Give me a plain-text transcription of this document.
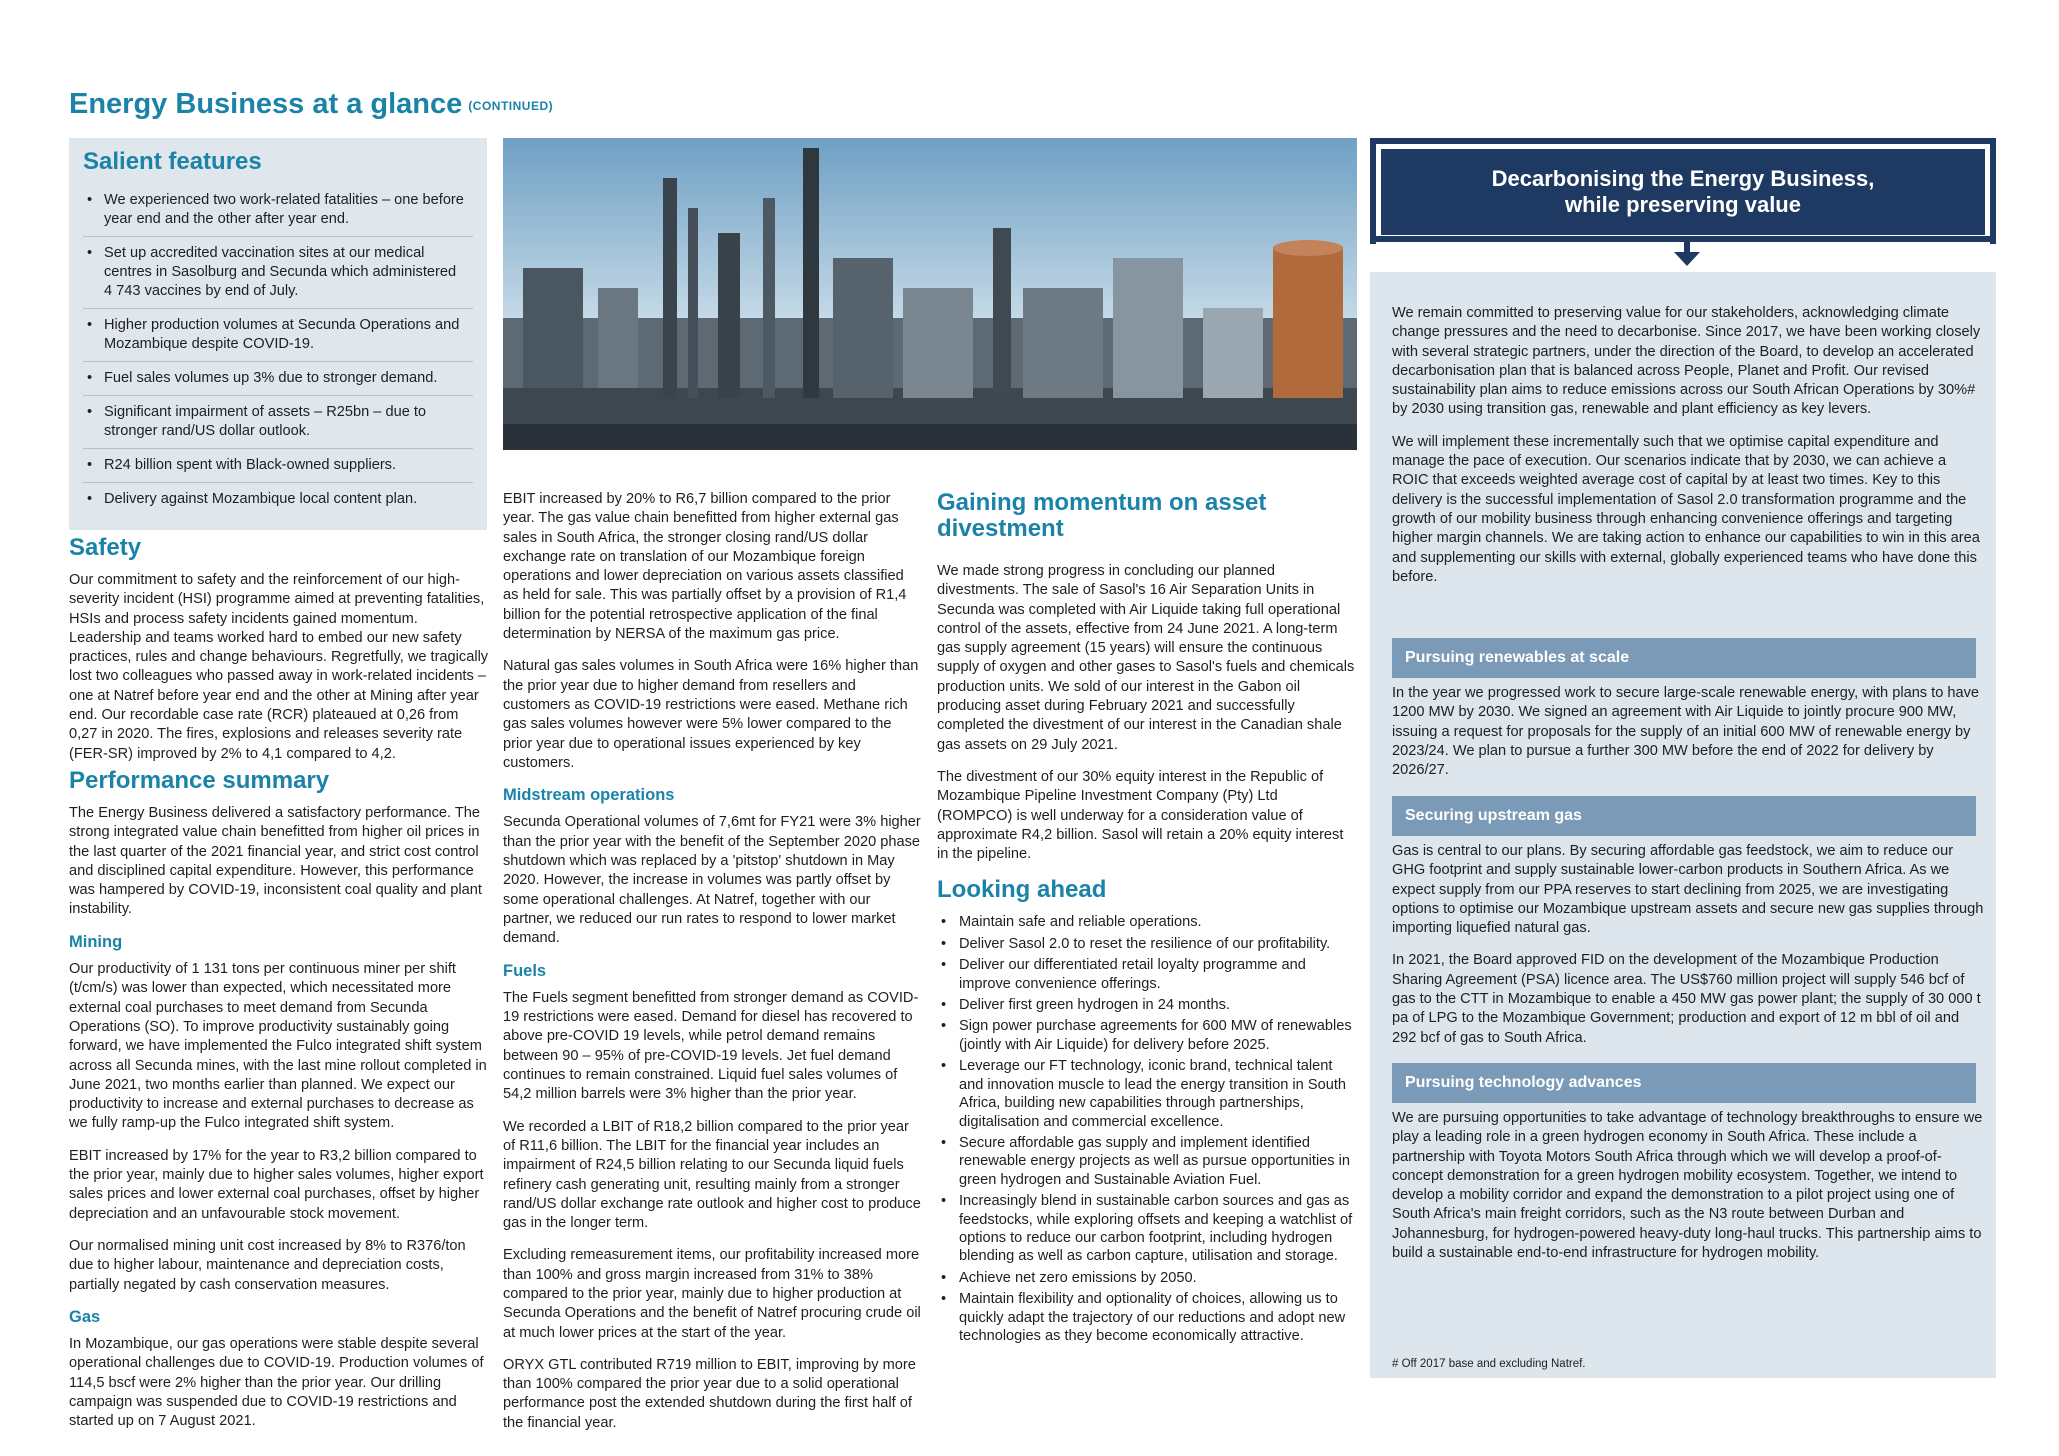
Energy Business at a glance (CONTINUED)
Salient features
• We experienced two work-related fatalities – one before year end and the other after year end.
• Set up accredited vaccination sites at our medical centres in Sasolburg and Secunda which administered 4 743 vaccines by end of July.
• Higher production volumes at Secunda Operations and Mozambique despite COVID-19.
• Fuel sales volumes up 3% due to stronger demand.
• Significant impairment of assets – R25bn – due to stronger rand/US dollar outlook.
• R24 billion spent with Black-owned suppliers.
• Delivery against Mozambique local content plan.
Safety

Our commitment to safety and the reinforcement of our high-severity incident (HSI) programme aimed at preventing fatalities, HSIs and process safety incidents gained momentum. Leadership and teams worked hard to embed our new safety practices, rules and change behaviours. Regretfully, we tragically lost two colleagues who passed away in work-related incidents – one at Natref before year end and the other at Mining after year end. Our recordable case rate (RCR) plateaued at 0,26 from 0,27 in 2020. The fires, explosions and releases severity rate (FER-SR) improved by 2% to 4,1 compared to 4,2.

Performance summary

The Energy Business delivered a satisfactory performance. The strong integrated value chain benefitted from higher oil prices in the last quarter of the 2021 financial year, and strict cost control and disciplined capital expenditure. However, this performance was hampered by COVID-19, inconsistent coal quality and plant instability.

Mining

Our productivity of 1 131 tons per continuous miner per shift (t/cm/s) was lower than expected, which necessitated more external coal purchases to meet demand from Secunda Operations (SO). To improve productivity sustainably going forward, we have implemented the Fulco integrated shift system across all Secunda mines, with the last mine rollout completed in June 2021, two months earlier than planned. We expect our productivity to increase and external purchases to decrease as we fully ramp-up the Fulco integrated shift system.

EBIT increased by 17% for the year to R3,2 billion compared to the prior year, mainly due to higher sales volumes, higher export sales prices and lower external coal purchases, offset by higher depreciation and an unfavourable stock movement.

Our normalised mining unit cost increased by 8% to R376/ton due to higher labour, maintenance and depreciation costs, partially negated by cash conservation measures.

Gas

In Mozambique, our gas operations were stable despite several operational challenges due to COVID-19. Production volumes of 114,5 bscf were 2% higher than the prior year. Our drilling campaign was suspended due to COVID-19 restrictions and started up on 7 August 2021.

EBIT increased by 20% to R6,7 billion compared to the prior year. The gas value chain benefitted from higher external gas sales in South Africa, the stronger closing rand/US dollar exchange rate on translation of our Mozambique foreign operations and lower depreciation on various assets classified as held for sale. This was partially offset by a provision of R1,4 billion for the potential retrospective application of the final determination by NERSA of the maximum gas price.

Natural gas sales volumes in South Africa were 16% higher than the prior year due to higher demand from resellers and customers as COVID-19 restrictions were eased. Methane rich gas sales volumes however were 5% lower compared to the prior year due to operational issues experienced by key customers.

Midstream operations

Secunda Operational volumes of 7,6mt for FY21 were 3% higher than the prior year with the benefit of the September 2020 phase shutdown which was replaced by a 'pitstop' shutdown in May 2020. However, the increase in volumes was partly offset by some operational challenges. At Natref, together with our partner, we reduced our run rates to respond to lower market demand.

Fuels

The Fuels segment benefitted from stronger demand as COVID-19 restrictions were eased. Demand for diesel has recovered to above pre-COVID 19 levels, while petrol demand remains between 90 – 95% of pre-COVID-19 levels. Jet fuel demand continues to remain constrained. Liquid fuel sales volumes of 54,2 million barrels were 3% higher than the prior year.

We recorded a LBIT of R18,2 billion compared to the prior year of R11,6 billion. The LBIT for the financial year includes an impairment of R24,5 billion relating to our Secunda liquid fuels refinery cash generating unit, resulting mainly from a stronger rand/US dollar exchange rate outlook and higher cost to produce gas in the longer term.

Excluding remeasurement items, our profitability increased more than 100% and gross margin increased from 31% to 38% compared to the prior year, mainly due to higher production at Secunda Operations and the benefit of Natref procuring crude oil at much lower prices at the start of the year.

ORYX GTL contributed R719 million to EBIT, improving by more than 100% compared the prior year due to a solid operational performance post the extended shutdown during the first half of the financial year.

Gaining momentum on asset divestment

We made strong progress in concluding our planned divestments. The sale of Sasol's 16 Air Separation Units in Secunda was completed with Air Liquide taking full operational control of the assets, effective from 24 June 2021. A long-term gas supply agreement (15 years) will ensure the continuous supply of oxygen and other gases to Sasol's fuels and chemicals production units. We sold of our interest in the Gabon oil producing asset during February 2021 and successfully completed the divestment of our interest in the Canadian shale gas assets on 29 July 2021.

The divestment of our 30% equity interest in the Republic of Mozambique Pipeline Investment Company (Pty) Ltd (ROMPCO) is well underway for a consideration value of approximate R4,2 billion. Sasol will retain a 20% equity interest in the pipeline.

Looking ahead
• Maintain safe and reliable operations.
• Deliver Sasol 2.0 to reset the resilience of our profitability.
• Deliver our differentiated retail loyalty programme and improve convenience offerings.
• Deliver first green hydrogen in 24 months.
• Sign power purchase agreements for 600 MW of renewables (jointly with Air Liquide) for delivery before 2025.
• Leverage our FT technology, iconic brand, technical talent and innovation muscle to lead the energy transition in South Africa, building new capabilities through partnerships, digitalisation and commercial excellence.
• Secure affordable gas supply and implement identified renewable energy projects as well as pursue opportunities in green hydrogen and Sustainable Aviation Fuel.
• Increasingly blend in sustainable carbon sources and gas as feedstocks, while exploring offsets and keeping a watchlist of options to reduce our carbon footprint, including hydrogen blending as well as carbon capture, utilisation and storage.
• Achieve net zero emissions by 2050.
• Maintain flexibility and optionality of choices, allowing us to quickly adapt the trajectory of our reductions and adopt new technologies as they become economically attractive.
Decarbonising the Energy Business,
while preserving value

We remain committed to preserving value for our stakeholders, acknowledging climate change pressures and the need to decarbonise. Since 2017, we have been working closely with several strategic partners, under the direction of the Board, to develop an accelerated decarbonisation plan that is balanced across People, Planet and Profit. Our revised sustainability plan aims to reduce emissions across our South African Operations by 30%# by 2030 using transition gas, renewable and plant efficiency as key levers.

We will implement these incrementally such that we optimise capital expenditure and manage the pace of execution. Our scenarios indicate that by 2030, we can achieve a ROIC that exceeds weighted average cost of capital by at least two times. Key to this delivery is the successful implementation of Sasol 2.0 transformation programme and the growth of our mobility business through enhancing convenience offerings and targeting higher margin channels. We are taking action to enhance our capabilities to win in this area and supplementing our skills with external, globally experienced teams who have done this before.

Pursuing renewables at scale

In the year we progressed work to secure large-scale renewable energy, with plans to have 1200 MW by 2030. We signed an agreement with Air Liquide to jointly procure 900 MW, issuing a request for proposals for the supply of an initial 600 MW of renewable energy by 2023/24. We plan to pursue a further 300 MW before the end of 2022 for delivery by 2026/27.

Securing upstream gas

Gas is central to our plans. By securing affordable gas feedstock, we aim to reduce our GHG footprint and supply sustainable lower-carbon products in Southern Africa. As we expect supply from our PPA reserves to start declining from 2025, we are investigating options to optimise our Mozambique upstream assets and secure new gas supplies through importing liquefied natural gas.

In 2021, the Board approved FID on the development of the Mozambique Production Sharing Agreement (PSA) licence area. The US$760 million project will supply 546 bcf of gas to the CTT in Mozambique to enable a 450 MW gas power plant; the supply of 30 000 t pa of LPG to the Mozambique Government; production and export of 12 m bbl of oil and 292 bcf of gas to South Africa.

Pursuing technology advances

We are pursuing opportunities to take advantage of technology breakthroughs to ensure we play a leading role in a green hydrogen economy in South Africa. These include a partnership with Toyota Motors South Africa through which we will develop a proof-of-concept demonstration for a green hydrogen mobility ecosystem. Together, we intend to develop a mobility corridor and expand the demonstration to a pilot project using one of South Africa's main freight corridors, such as the N3 route between Durban and Johannesburg, for hydrogen-powered heavy-duty long-haul trucks. This partnership aims to build a sustainable end-to-end infrastructure for hydrogen mobility.

# Off 2017 base and excluding Natref.
